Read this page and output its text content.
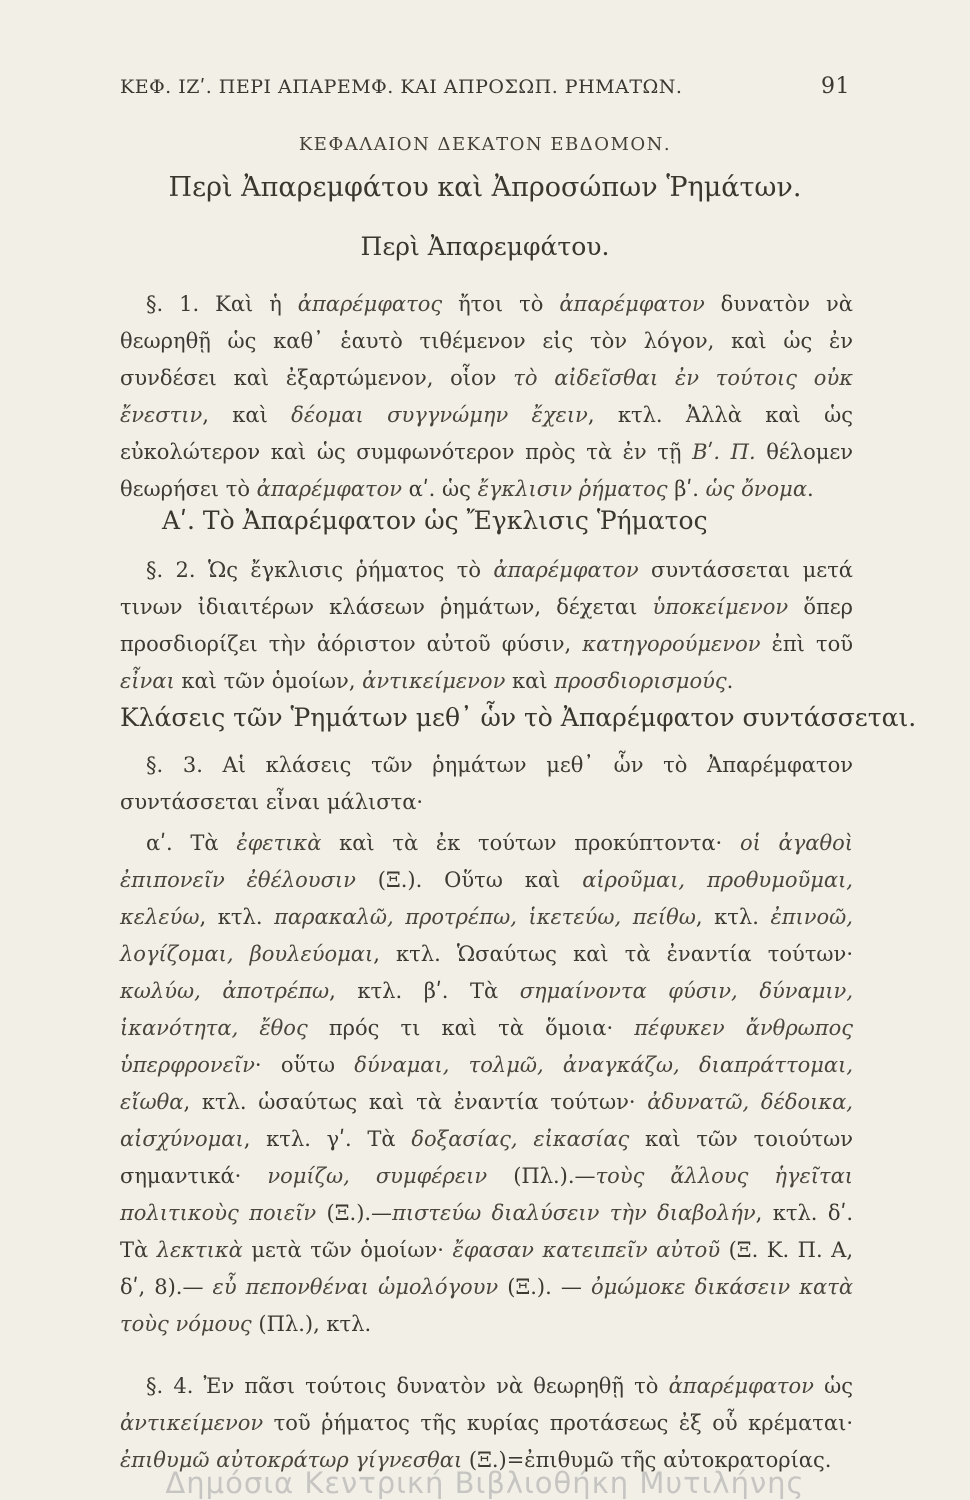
ΚΕΦ. ΙΖʹ. ΠΕΡΙ ΑΠΑΡΕΜΦ. ΚΑΙ ΑΠΡΟΣΩΠ. ΡΗΜΑΤΩΝ.	91
ΚΕΦΑΛΑΙΟΝ ΔΕΚΑΤΟΝ ΕΒΔΟΜΟΝ.
Περὶ Ἀπαρεμφάτου καὶ Ἀπροσώπων Ῥημάτων.
Περὶ Ἀπαρεμφάτου.

§. 1. Καὶ ἡ ἀπαρέμφατος ἤτοι τὸ ἀπαρέμφατον δυνατὸν νὰ θεωρηθῇ ὡς καθ᾽ ἑαυτὸ τιθέμενον εἰς τὸν λόγον, καὶ ὡς ἐν συνδέσει καὶ ἐξαρτώμενον, οἷον τὸ αἰδεῖσθαι ἐν τούτοις οὐκ ἔνεστιν, καὶ δέομαι συγγνώμην ἔχειν, κτλ. Ἀλλὰ καὶ ὡς εὐκολώτερον καὶ ὡς συμφωνότερον πρὸς τὰ ἐν τῇ Βʹ. Π. θέλομεν θεωρήσει τὸ ἀπαρέμφατον αʹ. ὡς ἔγκλισιν ῥήματος βʹ. ὡς ὄνομα.

Αʹ. Τὸ Ἀπαρέμφατον ὡς Ἔγκλισις Ῥήματος

§. 2. Ὡς ἔγκλισις ῥήματος τὸ ἀπαρέμφατον συντάσσεται μετά τινων ἰδιαιτέρων κλάσεων ῥημάτων, δέχεται ὑποκείμενον ὅπερ προσδιορίζει τὴν ἀόριστον αὐτοῦ φύσιν, κατηγορούμενον ἐπὶ τοῦ εἶναι καὶ τῶν ὁμοίων, ἀντικείμενον καὶ προσδιορισμούς.

Κλάσεις τῶν Ῥημάτων μεθ᾽ ὧν τὸ Ἀπαρέμφατον συντάσσεται.

§. 3. Αἱ κλάσεις τῶν ῥημάτων μεθ᾽ ὧν τὸ Ἀπαρέμφατον συντάσσεται εἶναι μάλιστα·

αʹ. Τὰ ἐφετικὰ καὶ τὰ ἐκ τούτων προκύπτοντα· οἱ ἀγαθοὶ ἐπιπονεῖν ἐθέλουσιν (Ξ.). Οὕτω καὶ αἱροῦμαι, προθυμοῦμαι, κελεύω, κτλ. παρακαλῶ, προτρέπω, ἱκετεύω, πείθω, κτλ. ἐπινοῶ, λογίζομαι, βουλεύομαι, κτλ. Ὡσαύτως καὶ τὰ ἐναντία τούτων· κωλύω, ἀποτρέπω, κτλ. βʹ. Τὰ σημαίνοντα φύσιν, δύναμιν, ἱκανότητα, ἔθος πρός τι καὶ τὰ ὅμοια· πέφυκεν ἄνθρωπος ὑπερφρονεῖν· οὕτω δύναμαι, τολμῶ, ἀναγκάζω, διαπράττομαι, εἴωθα, κτλ. ὡσαύτως καὶ τὰ ἐναντία τούτων· ἀδυνατῶ, δέδοικα, αἰσχύνομαι, κτλ. γʹ. Τὰ δοξασίας, εἰκασίας καὶ τῶν τοιούτων σημαντικά· νομίζω, συμφέρειν (Πλ.).—τοὺς ἄλλους ἡγεῖται πολιτικοὺς ποιεῖν (Ξ.).—πιστεύω διαλύσειν τὴν διαβολήν, κτλ. δʹ. Τὰ λεκτικὰ μετὰ τῶν ὁμοίων· ἔφασαν κατειπεῖν αὐτοῦ (Ξ. Κ. Π. Α, δʹ, 8).— εὖ πεπονθέναι ὡμολόγουν (Ξ.). — ὀμώμοκε δικάσειν κατὰ τοὺς νόμους (Πλ.), κτλ.

§. 4. Ἐν πᾶσι τούτοις δυνατὸν νὰ θεωρηθῇ τὸ ἀπαρέμφατον ὡς ἀντικείμενον τοῦ ῥήματος τῆς κυρίας προτάσεως ἐξ οὗ κρέμαται· ἐπιθυμῶ αὐτοκράτωρ γίγνεσθαι (Ξ.)=ἐπιθυμῶ τῆς αὐτοκρατορίας.

Δημόσια Κεντρική Βιβλιοθήκη Μυτιλήνης
